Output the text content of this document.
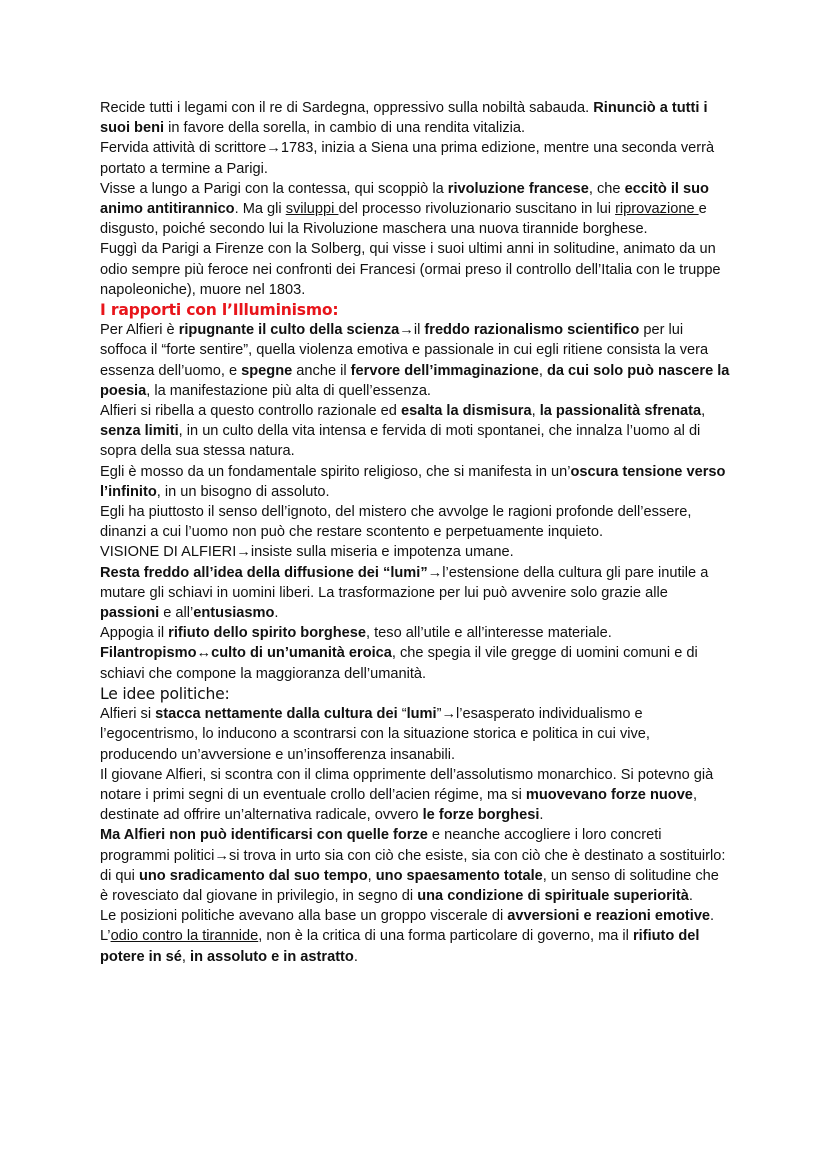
Recide tutti i legami con il re di Sardegna, oppressivo sulla nobiltà sabauda. Rinunciò a tutti i suoi beni in favore della sorella, in cambio di una rendita vitalizia.

Fervida attività di scrittore→1783, inizia a Siena una prima edizione, mentre una seconda verrà portato a termine a Parigi.

Visse a lungo a Parigi con la contessa, qui scoppiò la rivoluzione francese, che eccitò il suo animo antitirannico. Ma gli sviluppi del processo rivoluzionario suscitano in lui riprovazione e disgusto, poiché secondo lui la Rivoluzione maschera una nuova tirannide borghese.

Fuggì da Parigi a Firenze con la Solberg, qui visse i suoi ultimi anni in solitudine, animato da un odio sempre più feroce nei confronti dei Francesi (ormai preso il controllo dell’Italia con le truppe napoleoniche), muore nel 1803.

I rapporti con l’Illuminismo:

Per Alfieri è ripugnante il culto della scienza→il freddo razionalismo scientifico per lui soffoca il “forte sentire”, quella violenza emotiva e passionale in cui egli ritiene consista la vera essenza dell’uomo, e spegne anche il fervore dell’immaginazione, da cui solo può nascere la poesia, la manifestazione più alta di quell’essenza.

Alfieri si ribella a questo controllo razionale ed esalta la dismisura, la passionalità sfrenata, senza limiti, in un culto della vita intensa e fervida di moti spontanei, che innalza l’uomo al di sopra della sua stessa natura.

Egli è mosso da un fondamentale spirito religioso, che si manifesta in un’oscura tensione verso l’infinito, in un bisogno di assoluto.

Egli ha piuttosto il senso dell’ignoto, del mistero che avvolge le ragioni profonde dell’essere, dinanzi a cui l’uomo non può che restare scontento e perpetuamente inquieto.

VISIONE DI ALFIERI→insiste sulla miseria e impotenza umane.

Resta freddo all’idea della diffusione dei “lumi”→l’estensione della cultura gli pare inutile a mutare gli schiavi in uomini liberi. La trasformazione per lui può avvenire solo grazie alle passioni e all’entusiasmo.

Appogia il rifiuto dello spirito borghese, teso all’utile e all’interesse materiale.

Filantropismo↔culto di un’umanità eroica, che spegia il vile gregge di uomini comuni e di schiavi che compone la maggioranza dell’umanità.

Le idee politiche:

Alfieri si stacca nettamente dalla cultura dei “lumi”→l’esasperato individualismo e l’egocentrismo, lo inducono a scontrarsi con la situazione storica e politica in cui vive, producendo un’avversione e un’insofferenza insanabili.

Il giovane Alfieri, si scontra con il clima opprimente dell’assolutismo monarchico. Si potevno già notare i primi segni di un eventuale crollo dell’acien régime, ma si muovevano forze nuove, destinate ad offrire un’alternativa radicale, ovvero le forze borghesi.

Ma Alfieri non può identificarsi con quelle forze e neanche accogliere i loro concreti programmi politici→si trova in urto sia con ciò che esiste, sia con ciò che è destinato a sostituirlo: di qui uno sradicamento dal suo tempo, uno spaesamento totale, un senso di solitudine che è rovesciato dal giovane in privilegio, in segno di una condizione di spirituale superiorità.

Le posizioni politiche avevano alla base un groppo viscerale di avversioni e reazioni emotive. L’odio contro la tirannide, non è la critica di una forma particolare di governo, ma il rifiuto del potere in sé, in assoluto e in astratto.
